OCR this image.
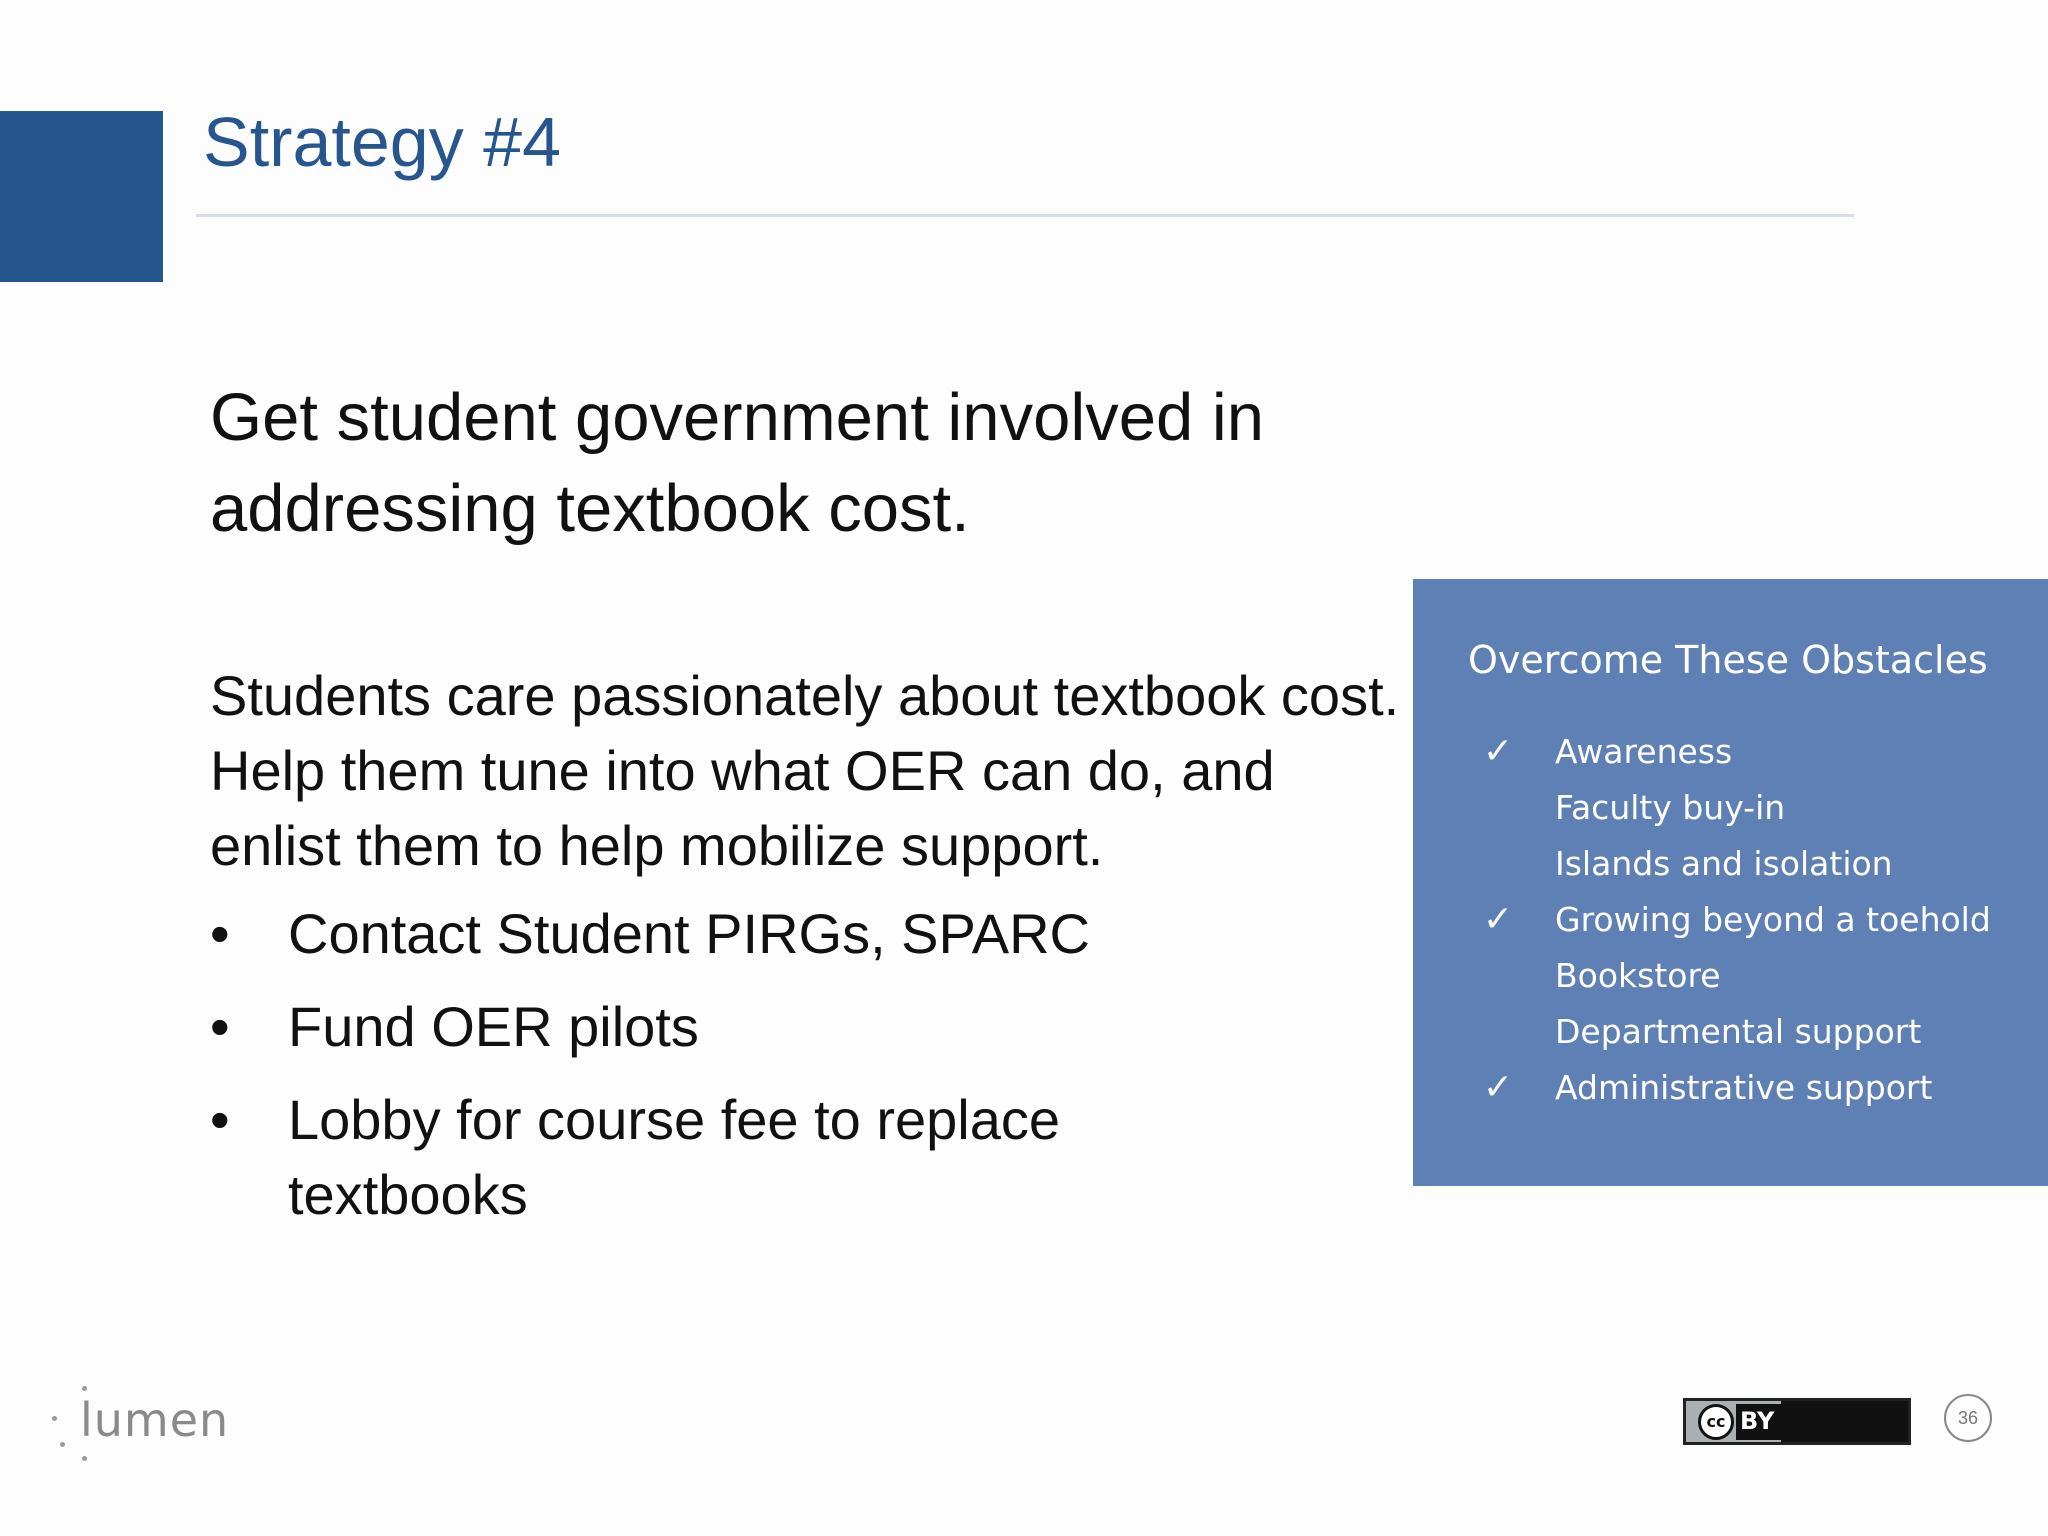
Strategy #4
Get student government involved in addressing textbook cost.
Students care passionately about textbook cost. Help them tune into what OER can do, and enlist them to help mobilize support.
•	Contact Student PIRGs, SPARC
•	Fund OER pilots
•	Lobby for course fee to replace textbooks
Overcome These Obstacles
✓ Awareness
Faculty buy-in
Islands and isolation
✓ Growing beyond a toehold
Bookstore
Departmental support
✓ Administrative support
lumen	cc BY	36
